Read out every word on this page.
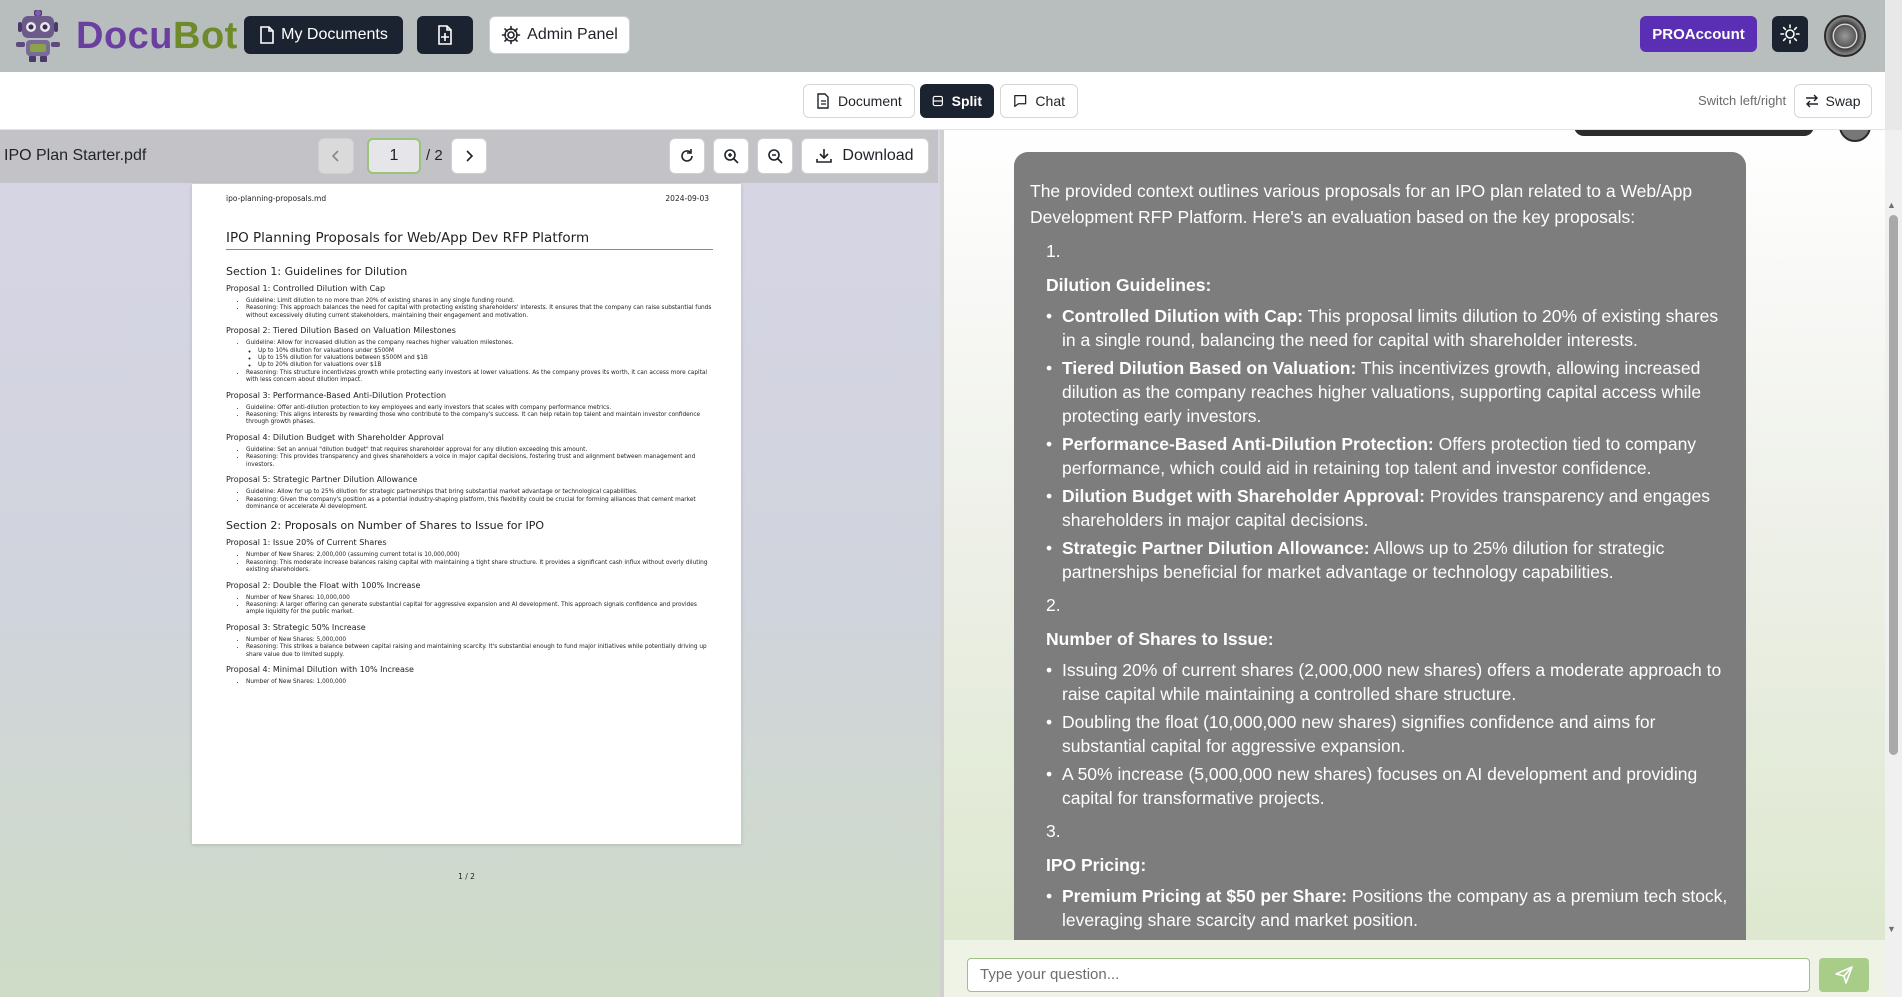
DocuBot	My Documents	Admin Panel	PROAccount
Document	Split	Chat	Switch left/right	Swap
IPO Plan Starter.pdf	1	/ 2	Download
ipo-planning-proposals.md	2024-09-03
IPO Planning Proposals for Web/App Dev RFP Platform
Section 1: Guidelines for Dilution
Proposal 1: Controlled Dilution with Cap
• Guideline: Limit dilution to no more than 20% of existing shares in any single funding round.
• Reasoning: This approach balances the need for capital with protecting existing shareholders' interests. It ensures that the company can raise substantial funds without excessively diluting current stakeholders, maintaining their engagement and motivation.
Proposal 2: Tiered Dilution Based on Valuation Milestones
• Guideline: Allow for increased dilution as the company reaches higher valuation milestones.
◦ Up to 10% dilution for valuations under $500M
◦ Up to 15% dilution for valuations between $500M and $1B
◦ Up to 20% dilution for valuations over $1B
• Reasoning: This structure incentivizes growth while protecting early investors at lower valuations. As the company proves its worth, it can access more capital with less concern about dilution impact.
Proposal 3: Performance-Based Anti-Dilution Protection
• Guideline: Offer anti-dilution protection to key employees and early investors that scales with company performance metrics.
• Reasoning: This aligns interests by rewarding those who contribute to the company's success. It can help retain top talent and maintain investor confidence through growth phases.
Proposal 4: Dilution Budget with Shareholder Approval
• Guideline: Set an annual "dilution budget" that requires shareholder approval for any dilution exceeding this amount.
• Reasoning: This provides transparency and gives shareholders a voice in major capital decisions, fostering trust and alignment between management and investors.
Proposal 5: Strategic Partner Dilution Allowance
• Guideline: Allow for up to 25% dilution for strategic partnerships that bring substantial market advantage or technological capabilities.
• Reasoning: Given the company's position as a potential industry-shaping platform, this flexibility could be crucial for forming alliances that cement market dominance or accelerate AI development.
Section 2: Proposals on Number of Shares to Issue for IPO
Proposal 1: Issue 20% of Current Shares
• Number of New Shares: 2,000,000 (assuming current total is 10,000,000)
• Reasoning: This moderate increase balances raising capital with maintaining a tight share structure. It provides a significant cash influx without overly diluting existing shareholders.
Proposal 2: Double the Float with 100% Increase
• Number of New Shares: 10,000,000
• Reasoning: A larger offering can generate substantial capital for aggressive expansion and AI development. This approach signals confidence and provides ample liquidity for the public market.
Proposal 3: Strategic 50% Increase
• Number of New Shares: 5,000,000
• Reasoning: This strikes a balance between capital raising and maintaining scarcity. It's substantial enough to fund major initiatives while potentially driving up share value due to limited supply.
Proposal 4: Minimal Dilution with 10% Increase
• Number of New Shares: 1,000,000
1 / 2

The provided context outlines various proposals for an IPO plan related to a Web/App Development RFP Platform. Here's an evaluation based on the key proposals:

1.
Dilution Guidelines:
• Controlled Dilution with Cap: This proposal limits dilution to 20% of existing shares in a single round, balancing the need for capital with shareholder interests.
• Tiered Dilution Based on Valuation: This incentivizes growth, allowing increased dilution as the company reaches higher valuations, supporting capital access while protecting early investors.
• Performance-Based Anti-Dilution Protection: Offers protection tied to company performance, which could aid in retaining top talent and investor confidence.
• Dilution Budget with Shareholder Approval: Provides transparency and engages shareholders in major capital decisions.
• Strategic Partner Dilution Allowance: Allows up to 25% dilution for strategic partnerships beneficial for market advantage or technology capabilities.
2.
Number of Shares to Issue:
• Issuing 20% of current shares (2,000,000 new shares) offers a moderate approach to raise capital while maintaining a controlled share structure.
• Doubling the float (10,000,000 new shares) signifies confidence and aims for substantial capital for aggressive expansion.
• A 50% increase (5,000,000 new shares) focuses on AI development and providing capital for transformative projects.
3.
IPO Pricing:
• Premium Pricing at $50 per Share: Positions the company as a premium tech stock, leveraging share scarcity and market position.
▲
▼
Type your question...
